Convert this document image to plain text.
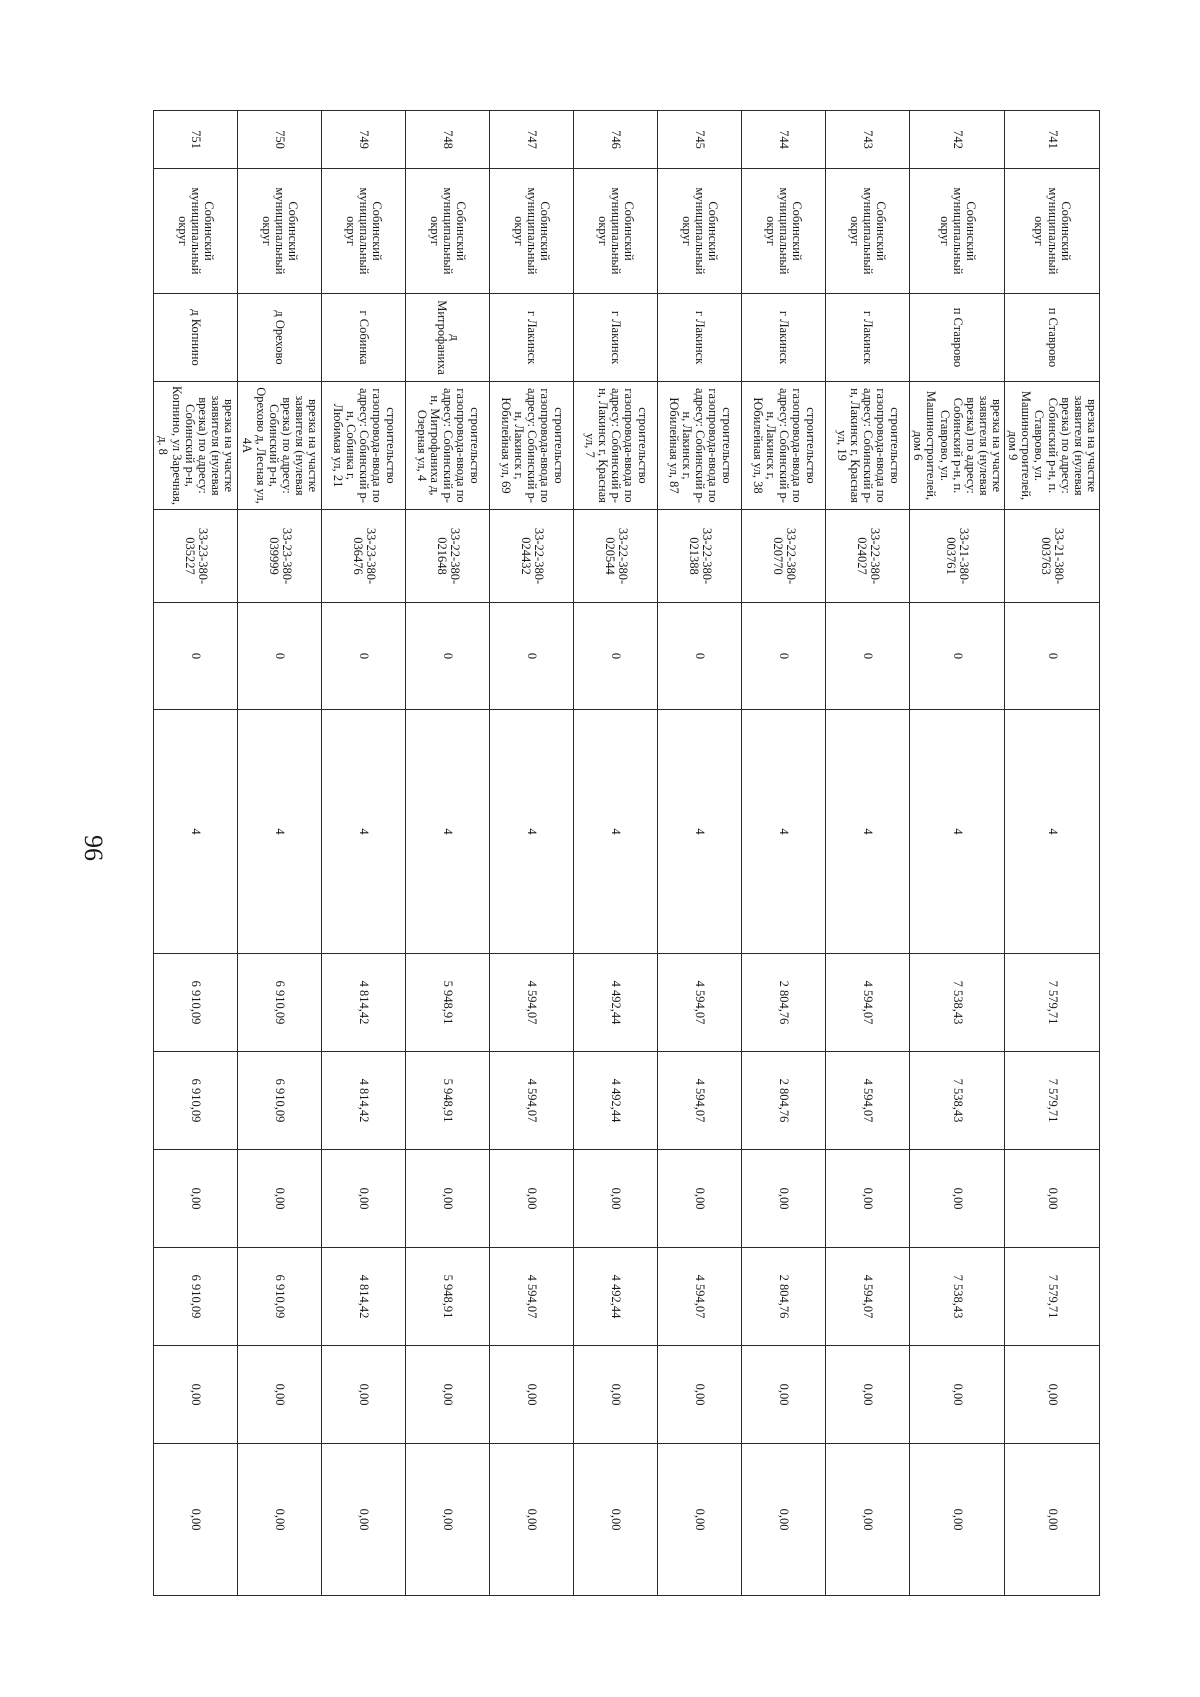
96
741	Собинский муниципальный округ	п Ставрово	врезка на участке заявителя (нулевая врезка) по адресу: Собинский р-н, п. Ставрово, ул. Машиностроителей, дом 9	33-21-380-003763	0	4	7 579,71	7 579,71	0,00	7 579,71	0,00	0,00
742	Собинский муниципальный округ	п Ставрово	врезка на участке заявителя (нулевая врезка) по адресу: Собинский р-н, п. Ставрово, ул. Машиностроителей, дом 6	33-21-380-003761	0	4	7 538,43	7 538,43	0,00	7 538,43	0,00	0,00
743	Собинский муниципальный округ	г Лакинск	строительство газопровода-ввода по адресу: Собинский р-н, Лакинск г, Красная ул, 19	33-22-380-024027	0	4	4 594,07	4 594,07	0,00	4 594,07	0,00	0,00
744	Собинский муниципальный округ	г Лакинск	строительство газопровода-ввода по адресу: Собинский р-н, Лакинск г, Юбилейная ул, 38	33-22-380-020770	0	4	2 804,76	2 804,76	0,00	2 804,76	0,00	0,00
745	Собинский муниципальный округ	г Лакинск	строительство газопровода-ввода по адресу: Собинский р-н, Лакинск г, Юбилейная ул, 87	33-22-380-021388	0	4	4 594,07	4 594,07	0,00	4 594,07	0,00	0,00
746	Собинский муниципальный округ	г Лакинск	строительство газопровода-ввода по адресу: Собинский р-н, Лакинск г, Красная ул, 7	33-22-380-020544	0	4	4 492,44	4 492,44	0,00	4 492,44	0,00	0,00
747	Собинский муниципальный округ	г Лакинск	строительство газопровода-ввода по адресу: Собинский р-н, Лакинск г, Юбилейная ул, 69	33-22-380-024432	0	4	4 594,07	4 594,07	0,00	4 594,07	0,00	0,00
748	Собинский муниципальный округ	д Митрофаниха	строительство газопровода-ввода по адресу: Собинский р-н, Митрофаниха д, Озерная ул, 4	33-22-380-021648	0	4	5 948,91	5 948,91	0,00	5 948,91	0,00	0,00
749	Собинский муниципальный округ	г Собинка	строительство газопровода-ввода по адресу: Собинский р-н, Собинка г, Любимая ул, 21	33-23-380-036476	0	4	4 814,42	4 814,42	0,00	4 814,42	0,00	0,00
750	Собинский муниципальный округ	д Орехово	врезка на участке заявителя (нулевая врезка) по адресу: Собинский р-н, Орехово д, Лесная ул, 4А	33-23-380-039999	0	4	6 910,09	6 910,09	0,00	6 910,09	0,00	0,00
751	Собинский муниципальный округ	д Копнино	врезка на участке заявителя (нулевая врезка) по адресу: Собинский р-н, Копнино, ул Заречная, д. 8	33-23-380-035227	0	4	6 910,09	6 910,09	0,00	6 910,09	0,00	0,00
